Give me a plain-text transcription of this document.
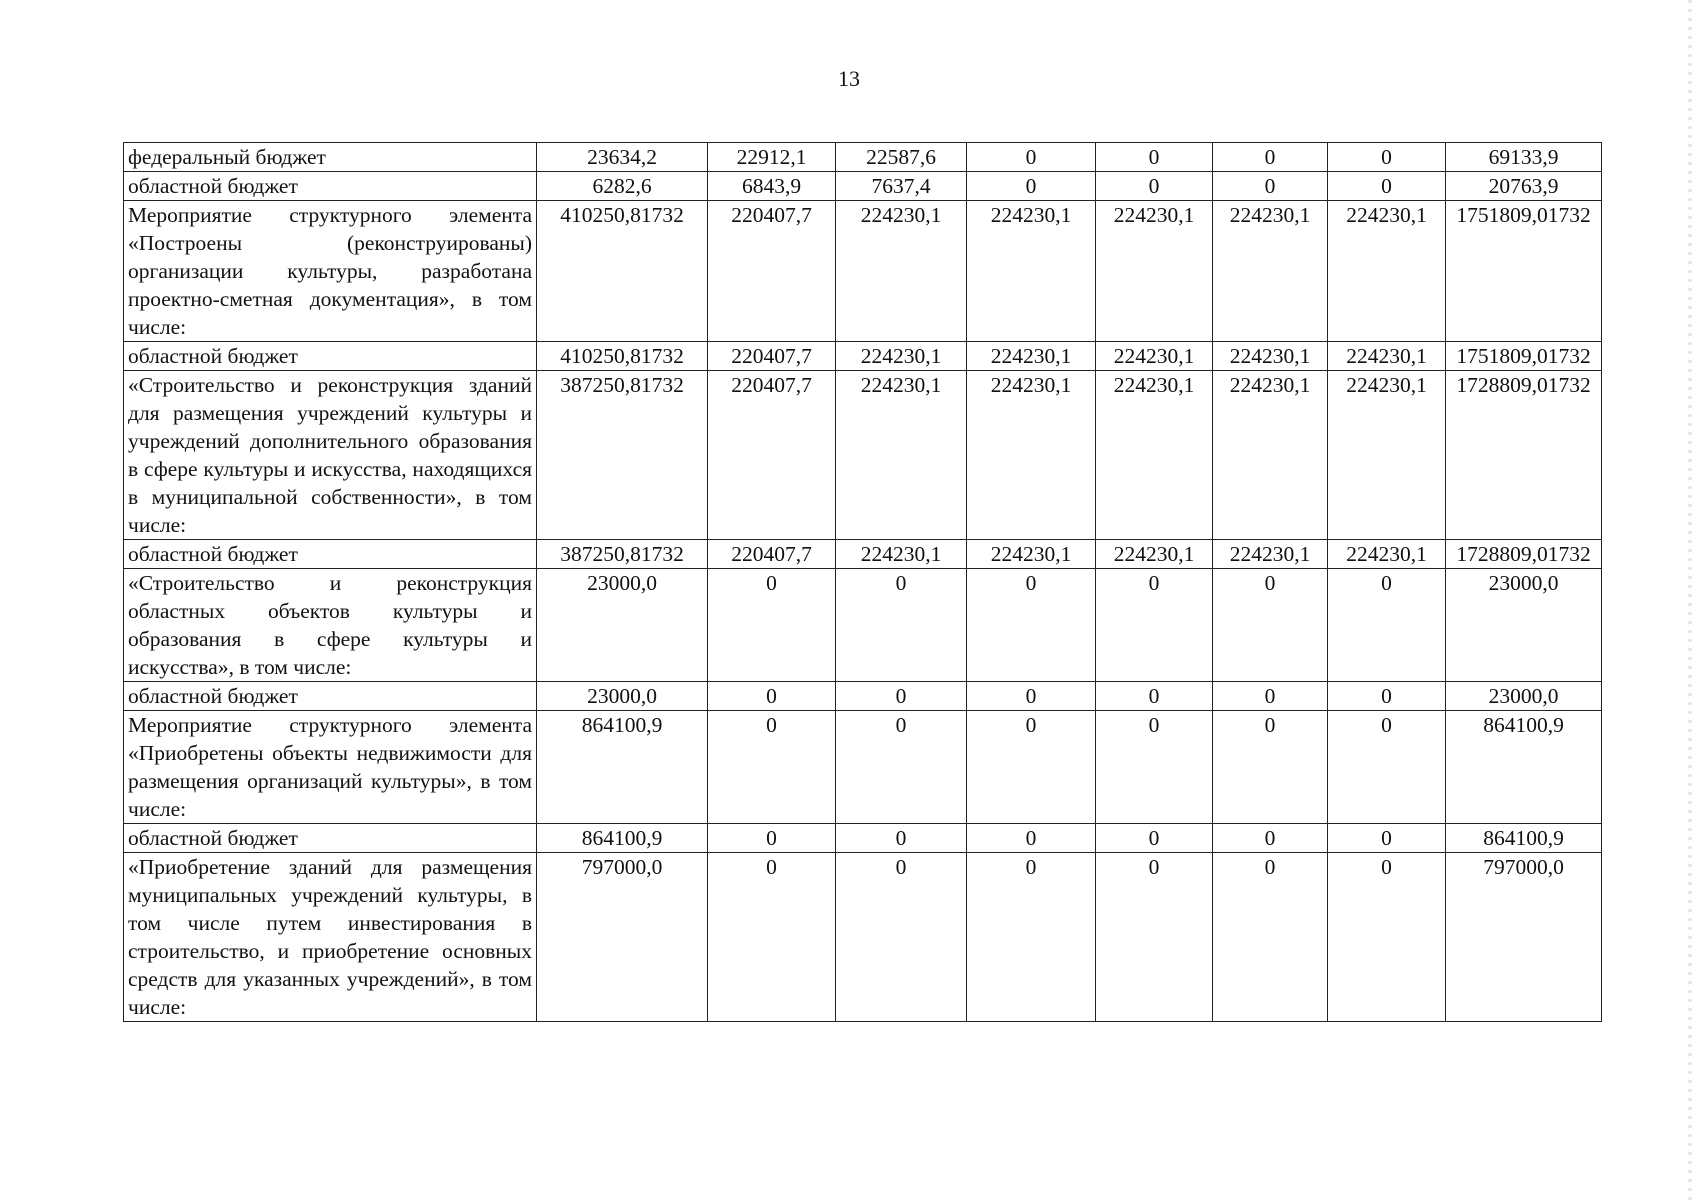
13
федеральный бюджет	23634,2	22912,1	22587,6	0	0	0	0	69133,9
областной бюджет	6282,6	6843,9	7637,4	0	0	0	0	20763,9
Мероприятие структурного элемента «Построены (реконструированы) организации культуры, разработана проектно-сметная документация», в том числе:	410250,81732	220407,7	224230,1	224230,1	224230,1	224230,1	224230,1	1751809,01732
областной бюджет	410250,81732	220407,7	224230,1	224230,1	224230,1	224230,1	224230,1	1751809,01732
«Строительство и реконструкция зданий для размещения учреждений культуры и учреждений дополнительного образования в сфере культуры и искусства, находящихся в муниципальной собственности», в том числе:	387250,81732	220407,7	224230,1	224230,1	224230,1	224230,1	224230,1	1728809,01732
областной бюджет	387250,81732	220407,7	224230,1	224230,1	224230,1	224230,1	224230,1	1728809,01732
«Строительство и реконструкция областных объектов культуры и образования в сфере культуры и искусства», в том числе:	23000,0	0	0	0	0	0	0	23000,0
областной бюджет	23000,0	0	0	0	0	0	0	23000,0
Мероприятие структурного элемента «Приобретены объекты недвижимости для размещения организаций культуры», в том числе:	864100,9	0	0	0	0	0	0	864100,9
областной бюджет	864100,9	0	0	0	0	0	0	864100,9
«Приобретение зданий для размещения муниципальных учреждений культуры, в том числе путем инвестирования в строительство, и приобретение основных средств для указанных учреждений», в том числе:	797000,0	0	0	0	0	0	0	797000,0
